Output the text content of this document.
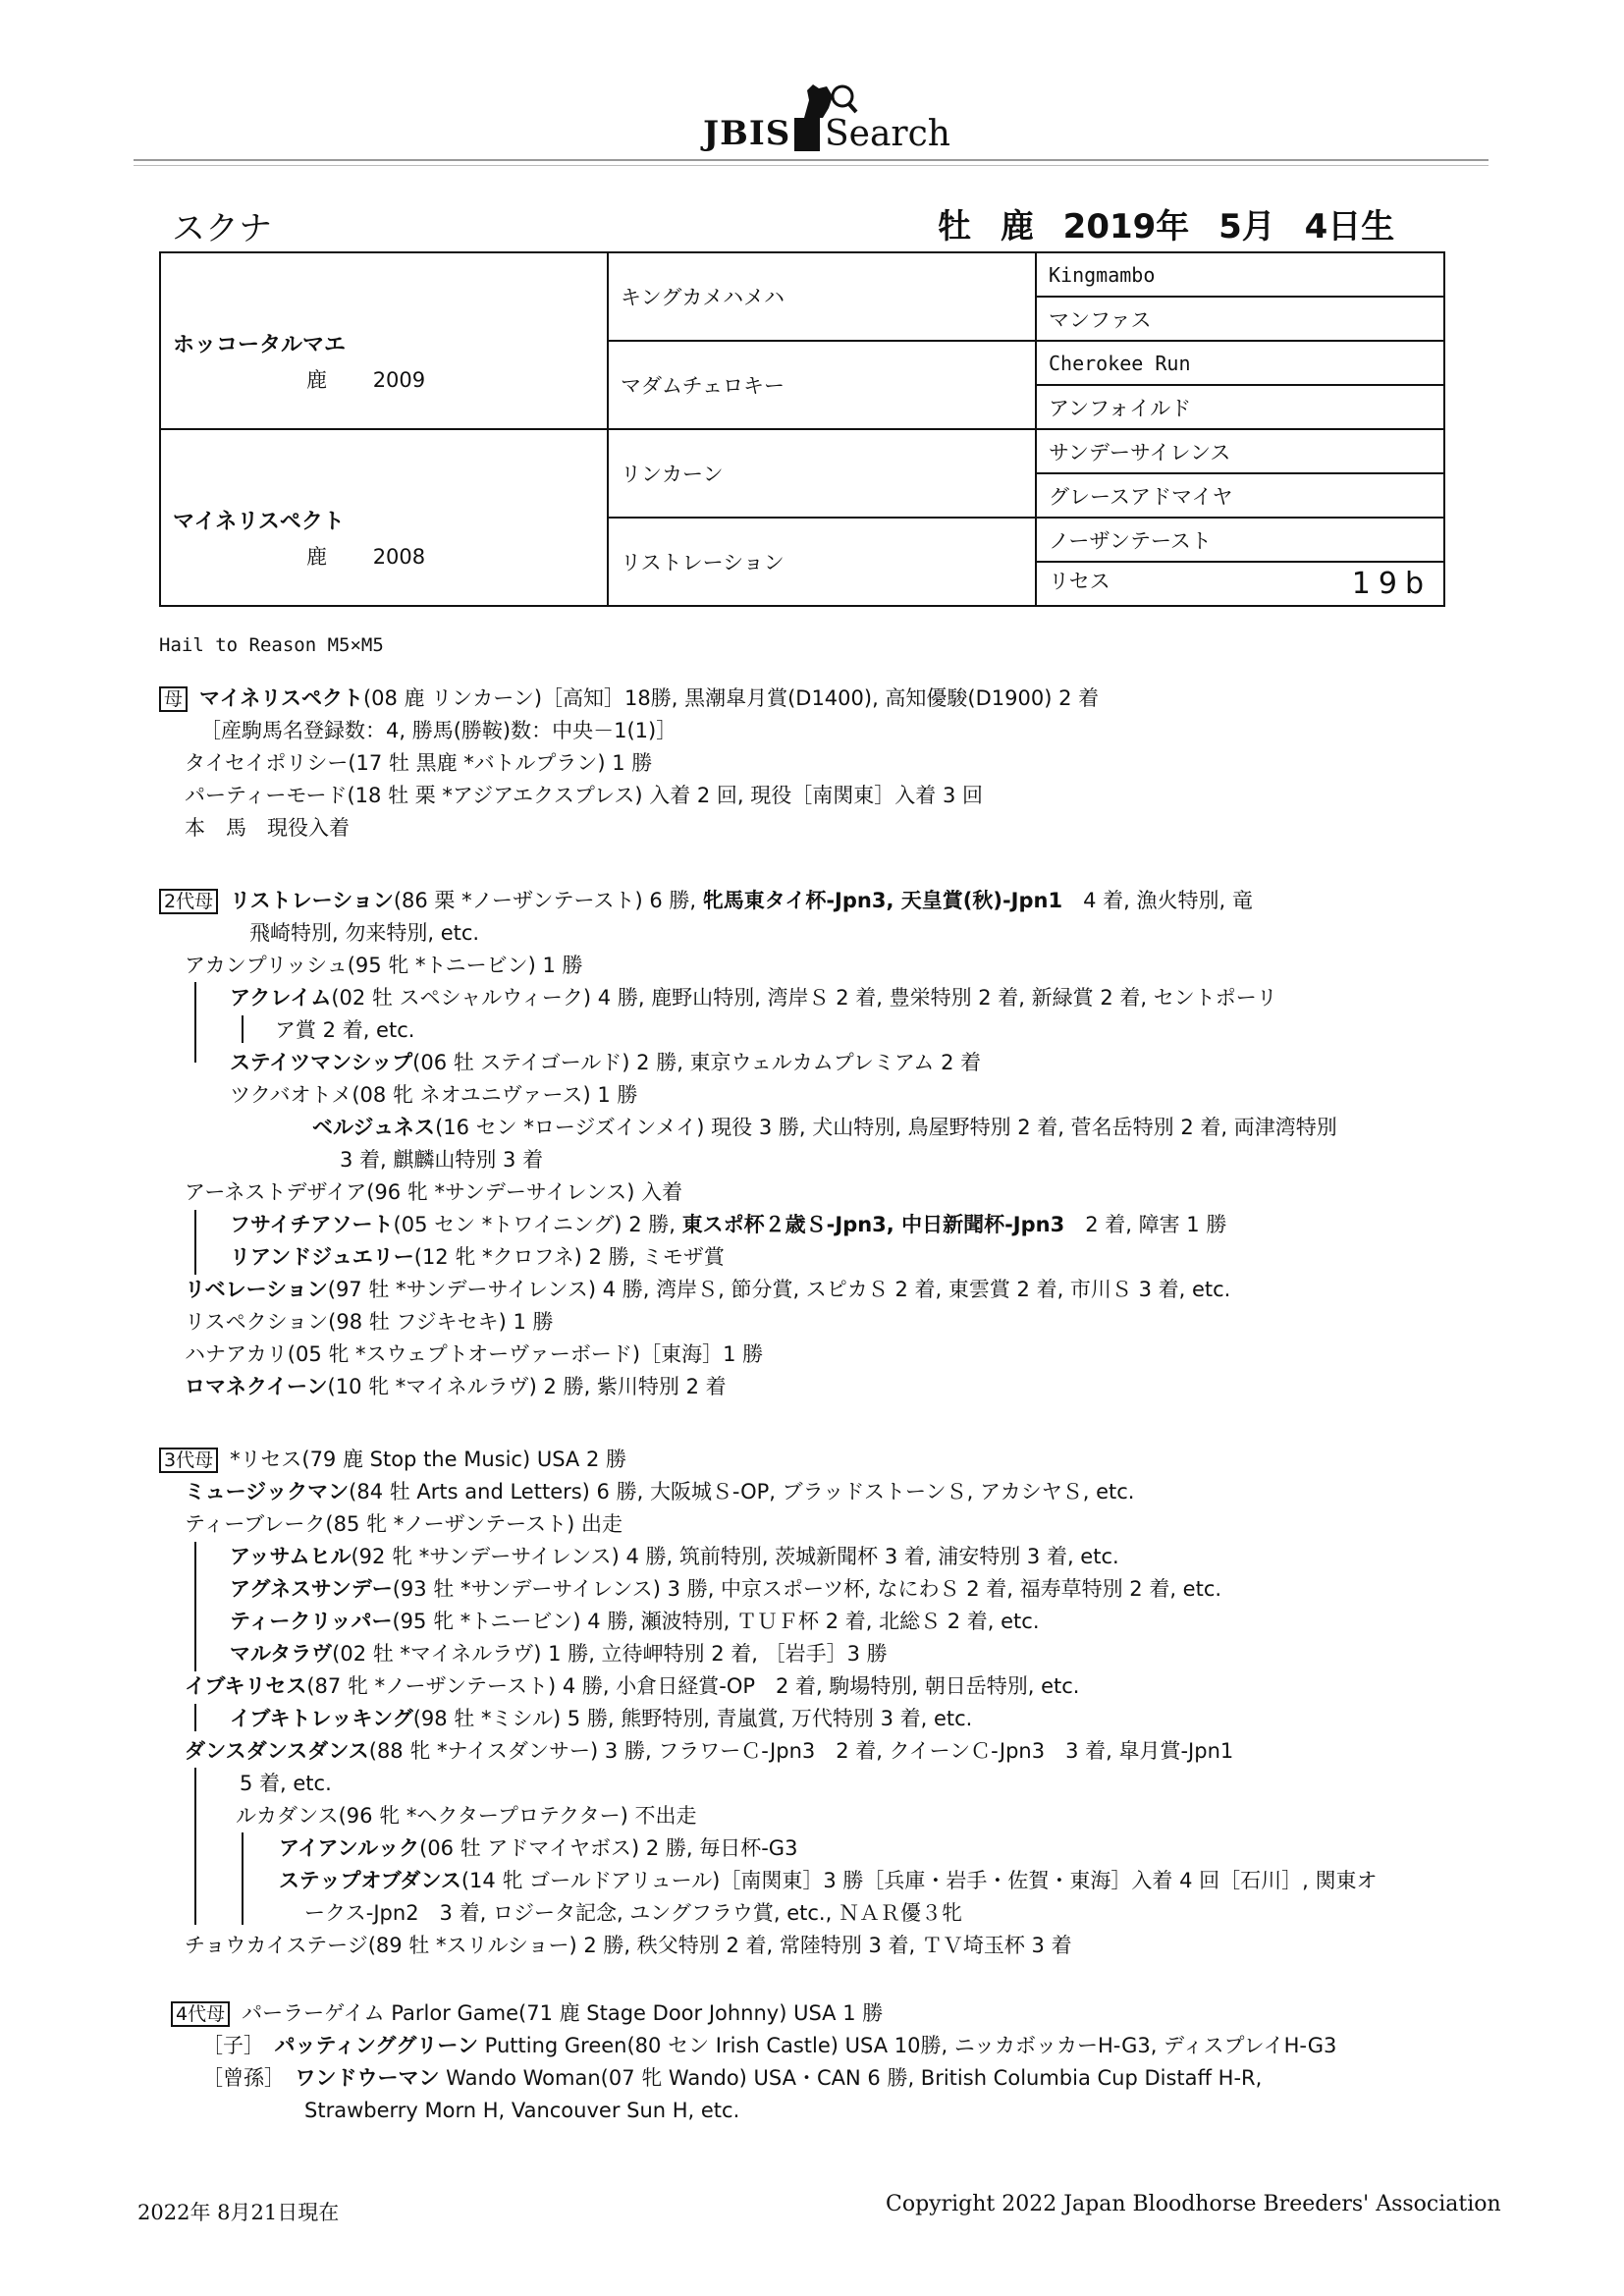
JBIS Search
スクナ	牡 鹿 2019年 5月 4日生
ホッコータルマエ
鹿 2009	キングカメハメハ	Kingmambo
		マンファス
	マダムチェロキー	Cherokee Run
		アンフォイルド

マイネリスペクト
鹿 2008	リンカーン	サンデーサイレンス
		グレースアドマイヤ
	リストレーション	ノーザンテースト
		リセス 19b
Hail to Reason M5×M5
母 マイネリスペクト(08 鹿 リンカーン)［高知］18勝, 黒潮皐月賞(D1400), 高知優駿(D1900) 2 着
［産駒馬名登録数：4, 勝馬(勝鞍)数：中央－1(1)］
タイセイポリシー(17 牡 黒鹿 *バトルプラン) 1 勝
パーティーモード(18 牡 栗 *アジアエクスプレス) 入着 2 回, 現役［南関東］入着 3 回
本　馬　現役入着
2代母 リストレーション(86 栗 *ノーザンテースト) 6 勝, 牝馬東タイ杯-Jpn3, 天皇賞(秋)-Jpn1　4 着, 漁火特別, 竜
飛崎特別, 勿来特別, etc.
アカンプリッシュ(95 牝 *トニービン) 1 勝
アクレイム(02 牡 スペシャルウィーク) 4 勝, 鹿野山特別, 湾岸Ｓ 2 着, 豊栄特別 2 着, 新緑賞 2 着, セントポーリ
ア賞 2 着, etc.
ステイツマンシップ(06 牡 ステイゴールド) 2 勝, 東京ウェルカムプレミアム 2 着
ツクバオトメ(08 牝 ネオユニヴァース) 1 勝
ベルジュネス(16 セン *ロージズインメイ) 現役 3 勝, 犬山特別, 鳥屋野特別 2 着, 菅名岳特別 2 着, 両津湾特別
3 着, 麒麟山特別 3 着
アーネストデザイア(96 牝 *サンデーサイレンス) 入着
フサイチアソート(05 セン *トワイニング) 2 勝, 東スポ杯２歳Ｓ-Jpn3, 中日新聞杯-Jpn3　2 着, 障害 1 勝
リアンドジュエリー(12 牝 *クロフネ) 2 勝, ミモザ賞
リベレーション(97 牡 *サンデーサイレンス) 4 勝, 湾岸Ｓ, 節分賞, スピカＳ 2 着, 東雲賞 2 着, 市川Ｓ 3 着, etc.
リスペクション(98 牡 フジキセキ) 1 勝
ハナアカリ(05 牝 *スウェプトオーヴァーボード)［東海］1 勝
ロマネクイーン(10 牝 *マイネルラヴ) 2 勝, 紫川特別 2 着
3代母 *リセス(79 鹿 Stop the Music) USA 2 勝
ミュージックマン(84 牡 Arts and Letters) 6 勝, 大阪城Ｓ-OP, ブラッドストーンＳ, アカシヤＳ, etc.
ティーブレーク(85 牝 *ノーザンテースト) 出走
アッサムヒル(92 牝 *サンデーサイレンス) 4 勝, 筑前特別, 茨城新聞杯 3 着, 浦安特別 3 着, etc.
アグネスサンデー(93 牡 *サンデーサイレンス) 3 勝, 中京スポーツ杯, なにわＳ 2 着, 福寿草特別 2 着, etc.
ティークリッパー(95 牝 *トニービン) 4 勝, 瀬波特別, ＴＵＦ杯 2 着, 北総Ｓ 2 着, etc.
マルタラヴ(02 牡 *マイネルラヴ) 1 勝, 立待岬特別 2 着, ［岩手］3 勝
イブキリセス(87 牝 *ノーザンテースト) 4 勝, 小倉日経賞-OP　2 着, 駒場特別, 朝日岳特別, etc.
イブキトレッキング(98 牡 *ミシル) 5 勝, 熊野特別, 青嵐賞, 万代特別 3 着, etc.
ダンスダンスダンス(88 牝 *ナイスダンサー) 3 勝, フラワーＣ-Jpn3　2 着, クイーンＣ-Jpn3　3 着, 皐月賞-Jpn1
5 着, etc.
ルカダンス(96 牝 *ヘクタープロテクター) 不出走
アイアンルック(06 牡 アドマイヤボス) 2 勝, 毎日杯-G3
ステップオブダンス(14 牝 ゴールドアリュール)［南関東］3 勝［兵庫・岩手・佐賀・東海］入着 4 回［石川］, 関東オ
ークス-Jpn2　3 着, ロジータ記念, ユングフラウ賞, etc., ＮＡＲ優３牝
チョウカイステージ(89 牡 *スリルショー) 2 勝, 秩父特別 2 着, 常陸特別 3 着, ＴＶ埼玉杯 3 着
4代母 パーラーゲイム Parlor Game(71 鹿 Stage Door Johnny) USA 1 勝
［子］　 パッティンググリーン Putting Green(80 セン Irish Castle) USA 10勝, ニッカボッカーH-G3, ディスプレイH-G3
［曾孫］　 ワンドウーマン Wando Woman(07 牝 Wando) USA・CAN 6 勝, British Columbia Cup Distaff H-R,
Strawberry Morn H, Vancouver Sun H, etc.
2022年 8月21日現在	Copyright 2022 Japan Bloodhorse Breeders' Association
